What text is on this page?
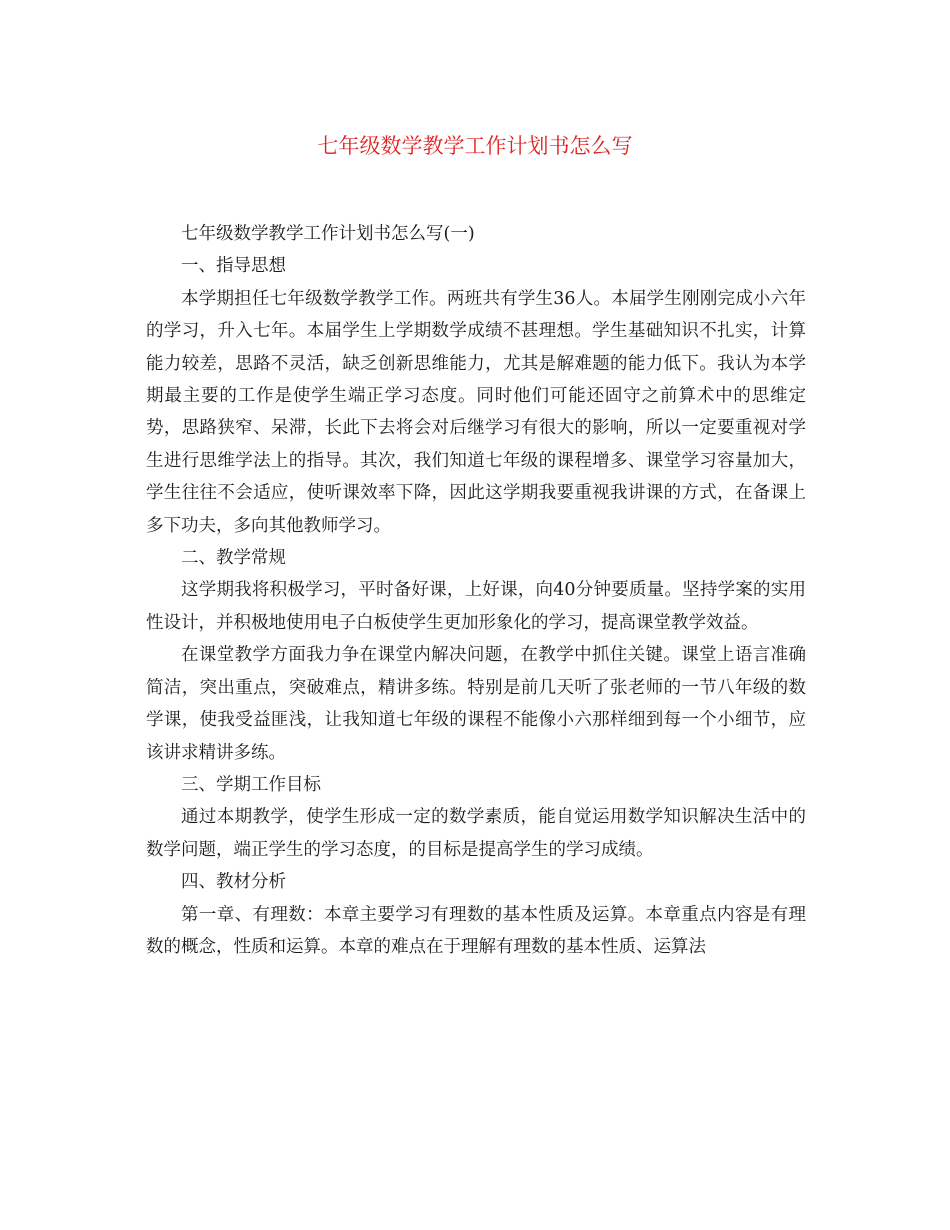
七年级数学教学工作计划书怎么写

七年级数学教学工作计划书怎么写(一)

一、指导思想

本学期担任七年级数学教学工作。两班共有学生36人。本届学生刚刚完成小六年的学习，升入七年。本届学生上学期数学成绩不甚理想。学生基础知识不扎实，计算能力较差，思路不灵活，缺乏创新思维能力，尤其是解难题的能力低下。我认为本学期最主要的工作是使学生端正学习态度。同时他们可能还固守之前算术中的思维定势，思路狭窄、呆滞，长此下去将会对后继学习有很大的影响，所以一定要重视对学生进行思维学法上的指导。其次，我们知道七年级的课程增多、课堂学习容量加大，学生往往不会适应，使听课效率下降，因此这学期我要重视我讲课的方式，在备课上多下功夫，多向其他教师学习。

二、教学常规

这学期我将积极学习，平时备好课，上好课，向40分钟要质量。坚持学案的实用性设计，并积极地使用电子白板使学生更加形象化的学习，提高课堂教学效益。

在课堂教学方面我力争在课堂内解决问题，在教学中抓住关键。课堂上语言准确简洁，突出重点，突破难点，精讲多练。特别是前几天听了张老师的一节八年级的数学课，使我受益匪浅，让我知道七年级的课程不能像小六那样细到每一个小细节，应该讲求精讲多练。

三、学期工作目标

通过本期教学，使学生形成一定的数学素质，能自觉运用数学知识解决生活中的数学问题，端正学生的学习态度，的目标是提高学生的学习成绩。

四、教材分析

第一章、有理数：本章主要学习有理数的基本性质及运算。本章重点内容是有理数的概念，性质和运算。本章的难点在于理解有理数的基本性质、运算法
